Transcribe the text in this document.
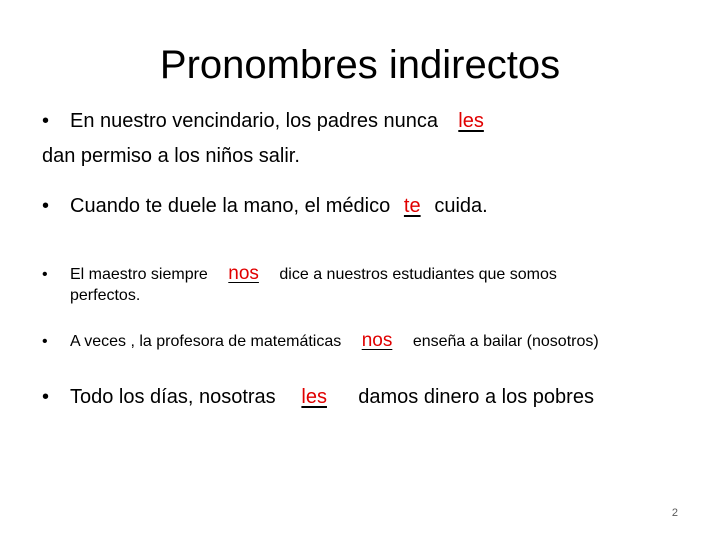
Pronombres indirectos
• En nuestro vencindario, los padres nunca les
dan permiso a los niños salir.
• Cuando te duele la mano, el médico te cuida.
• El maestro siempre nos dice a nuestros estudiantes que somos
perfectos.
• A veces , la profesora de matemáticas nos enseña a bailar (nosotros)
• Todo los días, nosotras les damos dinero a los pobres
2
